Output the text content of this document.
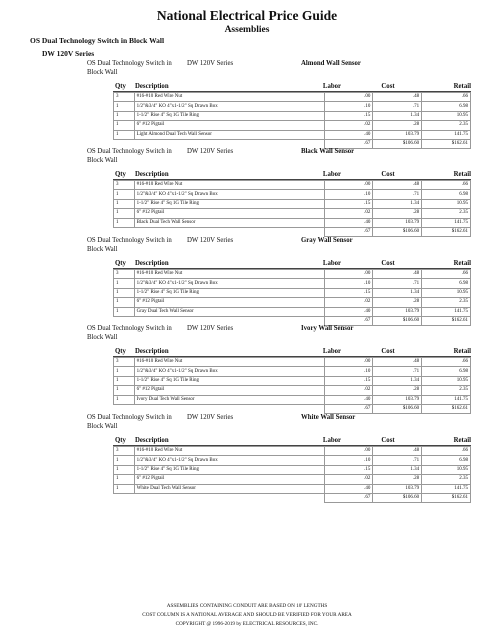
National Electrical Price Guide
Assemblies
OS Dual Technology Switch in Block Wall
DW 120V Series
OS Dual Technology Switch in Block Wall
DW 120V Series	Almond Wall Sensor
Qty Description	Labor	Cost	Retail
3	#16-#10 Red Wire Nut	.00	.48	.66
1	1/2"&3/4" KO 4"x1-1/2" Sq Drawn Box	.10	.71	6.98
1	1-1/2" Rise 4" Sq 1G Tile Ring	.15	1.34	10.95
1	6" #12 Pigtail	.02	.28	2.35
1	Light Almond Dual Tech Wall Sensor	.40	103.79	141.75
		.67	$106.60	$162.61
OS Dual Technology Switch in Block Wall
DW 120V Series	Black Wall Sensor
Qty Description	Labor	Cost	Retail
3	#16-#10 Red Wire Nut	.00	.48	.66
1	1/2"&3/4" KO 4"x1-1/2" Sq Drawn Box	.10	.71	6.98
1	1-1/2" Rise 4" Sq 1G Tile Ring	.15	1.34	10.95
1	6" #12 Pigtail	.02	.28	2.35
1	Black Dual Tech Wall Sensor	.40	103.79	141.75
		.67	$106.60	$162.61
OS Dual Technology Switch in Block Wall
DW 120V Series	Gray Wall Sensor
Qty Description	Labor	Cost	Retail
3	#16-#10 Red Wire Nut	.00	.48	.66
1	1/2"&3/4" KO 4"x1-1/2" Sq Drawn Box	.10	.71	6.98
1	1-1/2" Rise 4" Sq 1G Tile Ring	.15	1.34	10.95
1	6" #12 Pigtail	.02	.28	2.35
1	Gray Dual Tech Wall Sensor	.40	103.79	141.75
		.67	$106.60	$162.61
OS Dual Technology Switch in Block Wall
DW 120V Series	Ivory Wall Sensor
Qty Description	Labor	Cost	Retail
3	#16-#10 Red Wire Nut	.00	.48	.66
1	1/2"&3/4" KO 4"x1-1/2" Sq Drawn Box	.10	.71	6.98
1	1-1/2" Rise 4" Sq 1G Tile Ring	.15	1.34	10.95
1	6" #12 Pigtail	.02	.28	2.35
1	Ivory Dual Tech Wall Sensor	.40	103.79	141.75
		.67	$106.60	$162.61
OS Dual Technology Switch in Block Wall
DW 120V Series	White Wall Sensor
Qty Description	Labor	Cost	Retail
3	#16-#10 Red Wire Nut	.00	.48	.66
1	1/2"&3/4" KO 4"x1-1/2" Sq Drawn Box	.10	.71	6.98
1	1-1/2" Rise 4" Sq 1G Tile Ring	.15	1.34	10.95
1	6" #12 Pigtail	.02	.28	2.35
1	White Dual Tech Wall Sensor	.40	103.79	141.75
		.67	$106.60	$162.61
ASSEMBLIES CONTAINING CONDUIT ARE BASED ON 10' LENGTHS
COST COLUMN IS A NATIONAL AVERAGE AND SHOULD BE VERIFIED FOR YOUR AREA
COPYRIGHT @ 1996-2019 by ELECTRICAL RESOURCES, INC.
